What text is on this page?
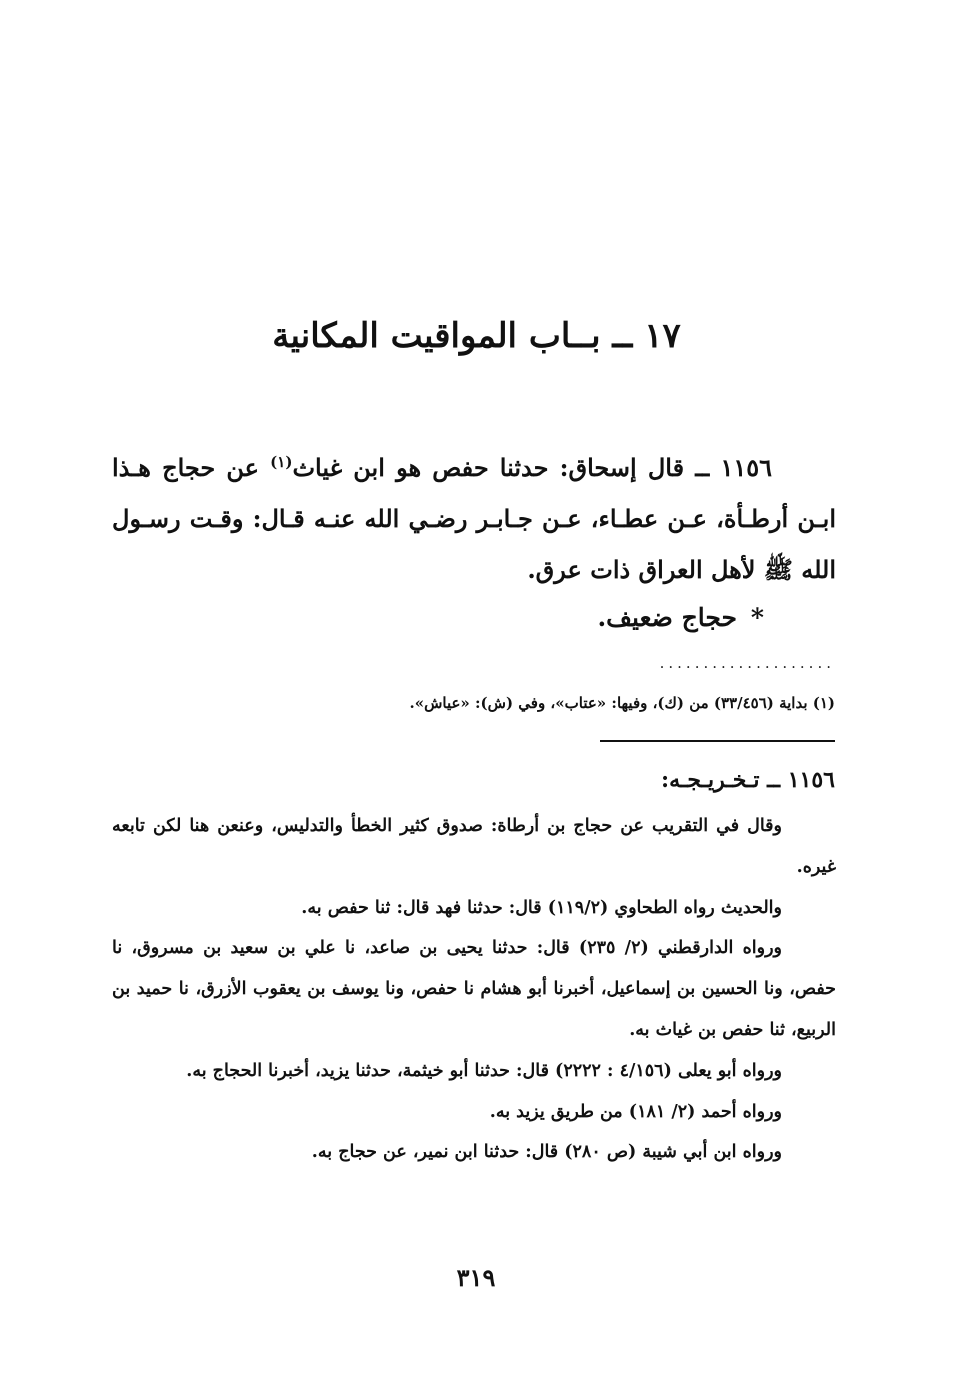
١٧ ــ بــاب المواقيت المكانية

١١٥٦ ــ قال إسحاق: حدثنا حفص هو ابن غياث$^{(١)}$ عن حجاج هـذا ابـن أرطـأة، عـن عطـاء، عـن جـابـر رضـي الله عنـه قـال: وقـت رسـول الله ﷺ لأهل العراق ذات عرق.

*حجاج ضعيف.
....................
(١) بداية (٣٣/٤٥٦) من (ك)، وفيها: «عتاب»، وفي (ش): «عياش».
١١٥٦ ــ تـخـريـجـه:

وقال في التقريب عن حجاج بن أرطاة: صدوق كثير الخطأ والتدليس، وعنعن هنا لكن تابعه غيره.

والحديث رواه الطحاوي (١١٩/٢) قال: حدثنا فهد قال: ثنا حفص به.

ورواه الدارقطني (٢/ ٢٣٥) قال: حدثنا يحيى بن صاعد، نا علي بن سعيد بن مسروق، نا حفص، ونا الحسين بن إسماعيل، أخبرنا أبو هشام نا حفص، ونا يوسف بن يعقوب الأزرق، نا حميد بن الربيع، ثنا حفص بن غياث به.

ورواه أبو يعلى (٤/١٥٦ : ٢٢٢٢) قال: حدثنا أبو خيثمة، حدثنا يزيد، أخبرنا الحجاج به.

ورواه أحمد (٢/ ١٨١) من طريق يزيد به.

ورواه ابن أبي شيبة (ص ٢٨٠) قال: حدثنا ابن نمير، عن حجاج به.

٣١٩
